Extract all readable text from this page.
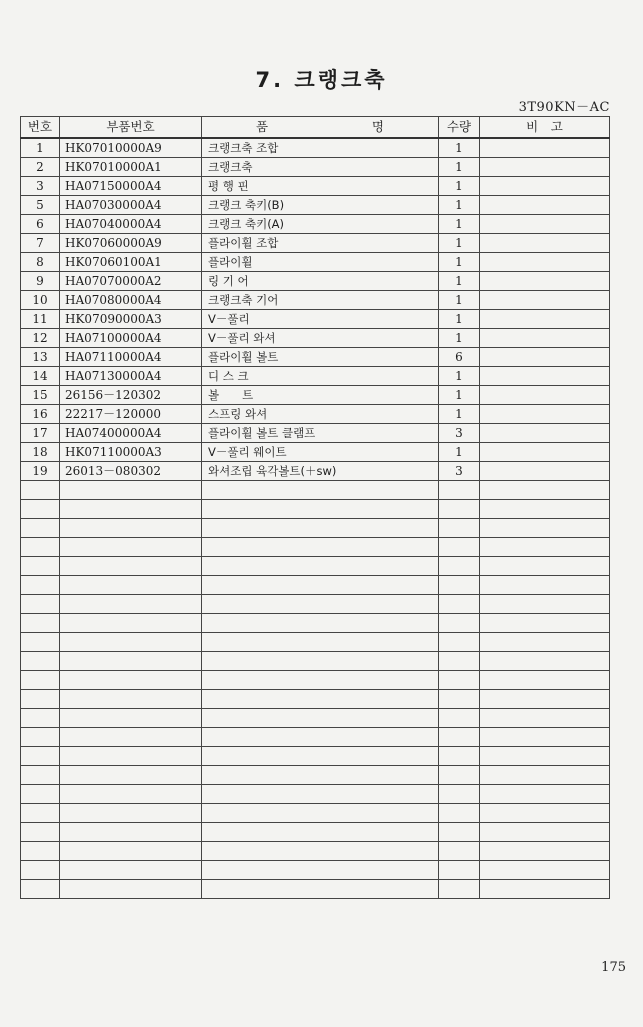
7. 크랭크축
3T90KN－AC
번호	부품번호	품 명	수량	비　고
1	HK07010000A9	크랭크축 조합	1	
2	HK07010000A1	크랭크축	1	
3	HA07150000A4	평 행 핀	1	
5	HA07030000A4	크랭크 축키(B)	1	
6	HA07040000A4	크랭크 축키(A)	1	
7	HK07060000A9	플라이휠 조합	1	
8	HK07060100A1	플라이휠	1	
9	HA07070000A2	링 기 어	1	
10	HA07080000A4	크랭크축 기어	1	
11	HK07090000A3	V－풀리	1	
12	HA07100000A4	V－풀리 와셔	1	
13	HA07110000A4	플라이휠 볼트	6	
14	HA07130000A4	디 스 크	1	
15	26156－120302	볼　　트	1	
16	22217－120000	스프링 와셔	1	
17	HA07400000A4	플라이휠 볼트 클램프	3	
18	HK07110000A3	V－풀리 웨이트	1	
19	26013－080302	와셔조립 육각볼트(＋sw)	3	

175
